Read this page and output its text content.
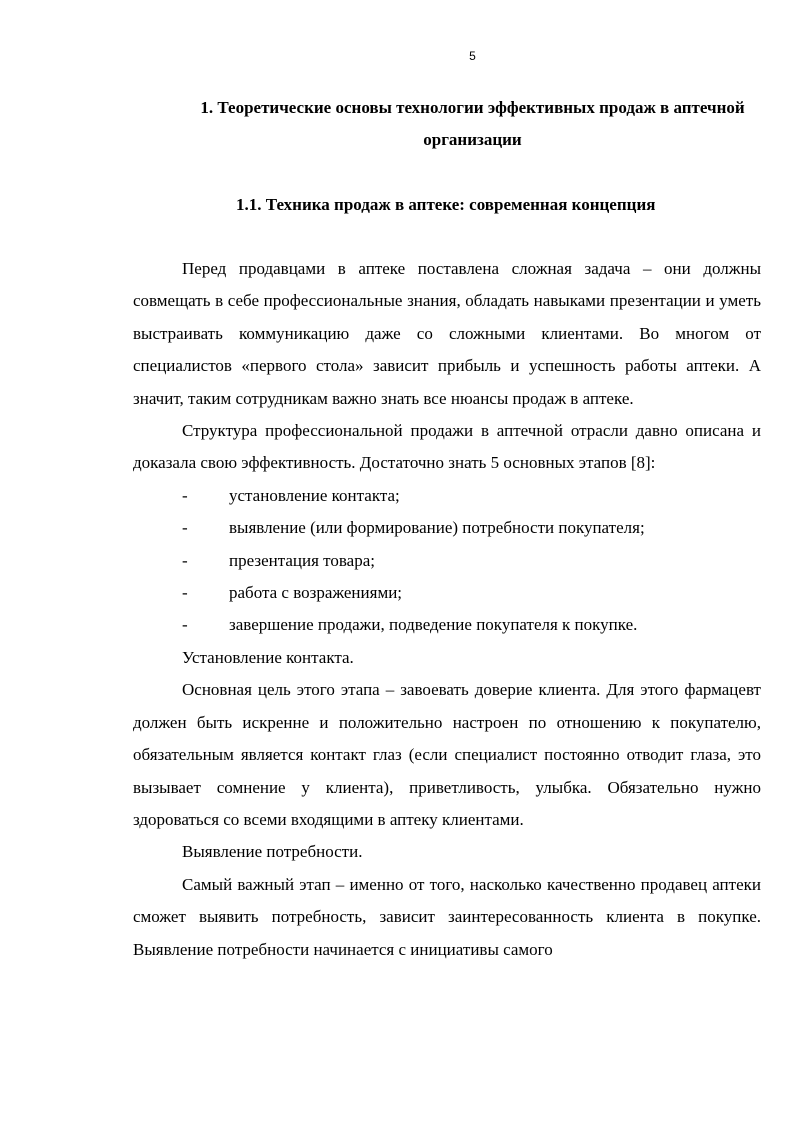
5
1. Теоретические основы технологии эффективных продаж в аптечной организации
1.1. Техника продаж в аптеке: современная концепция

Перед продавцами в аптеке поставлена сложная задача – они должны совмещать в себе профессиональные знания, обладать навыками презентации и уметь выстраивать коммуникацию даже со сложными клиентами. Во многом от специалистов «первого стола» зависит прибыль и успешность работы аптеки. А значит, таким сотрудникам важно знать все нюансы продаж в аптеке.

Структура профессиональной продажи в аптечной отрасли давно описана и доказала свою эффективность. Достаточно знать 5 основных этапов [8]:

- установление контакта;
- выявление (или формирование) потребности покупателя;
- презентация товара;
- работа с возражениями;
- завершение продажи, подведение покупателя к покупке.

Установление контакта.

Основная цель этого этапа – завоевать доверие клиента. Для этого фармацевт должен быть искренне и положительно настроен по отношению к покупателю, обязательным является контакт глаз (если специалист постоянно отводит глаза, это вызывает сомнение у клиента), приветливость, улыбка. Обязательно нужно здороваться со всеми входящими в аптеку клиентами.

Выявление потребности.

Самый важный этап – именно от того, насколько качественно продавец аптеки сможет выявить потребность, зависит заинтересованность клиента в покупке. Выявление потребности начинается с инициативы самого
